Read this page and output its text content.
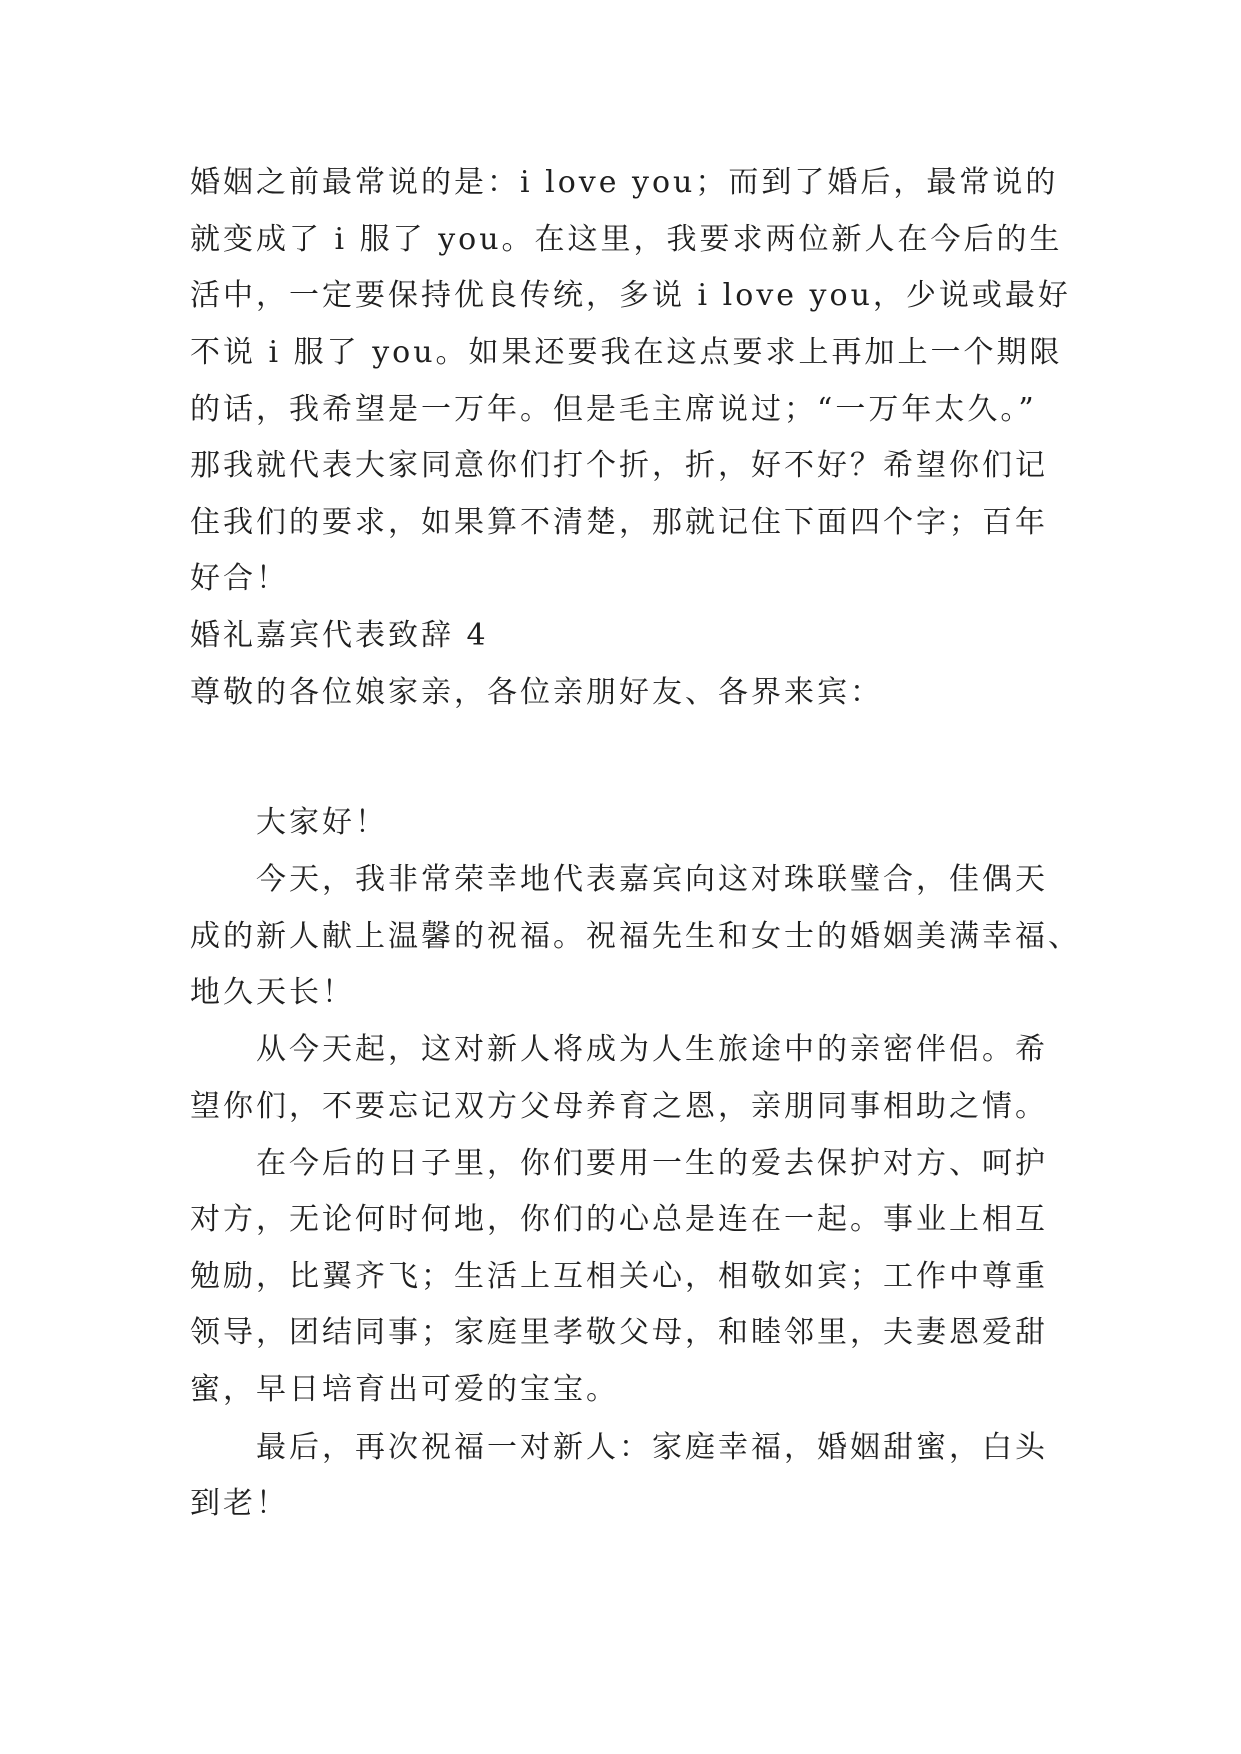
婚姻之前最常说的是：i love you；而到了婚后，最常说的
就变成了 i 服了 you。在这里，我要求两位新人在今后的生
活中，一定要保持优良传统，多说 i love you，少说或最好
不说 i 服了 you。如果还要我在这点要求上再加上一个期限
的话，我希望是一万年。但是毛主席说过；“一万年太久。”
那我就代表大家同意你们打个折，折，好不好？希望你们记
住我们的要求，如果算不清楚，那就记住下面四个字；百年
好合！
婚礼嘉宾代表致辞 4
尊敬的各位娘家亲，各位亲朋好友、各界来宾：
大家好！
今天，我非常荣幸地代表嘉宾向这对珠联璧合，佳偶天
成的新人献上温馨的祝福。祝福先生和女士的婚姻美满幸福、
地久天长！
从今天起，这对新人将成为人生旅途中的亲密伴侣。希
望你们，不要忘记双方父母养育之恩，亲朋同事相助之情。
在今后的日子里，你们要用一生的爱去保护对方、呵护
对方，无论何时何地，你们的心总是连在一起。事业上相互
勉励，比翼齐飞；生活上互相关心，相敬如宾；工作中尊重
领导，团结同事；家庭里孝敬父母，和睦邻里，夫妻恩爱甜
蜜，早日培育出可爱的宝宝。
最后，再次祝福一对新人：家庭幸福，婚姻甜蜜，白头
到老！
